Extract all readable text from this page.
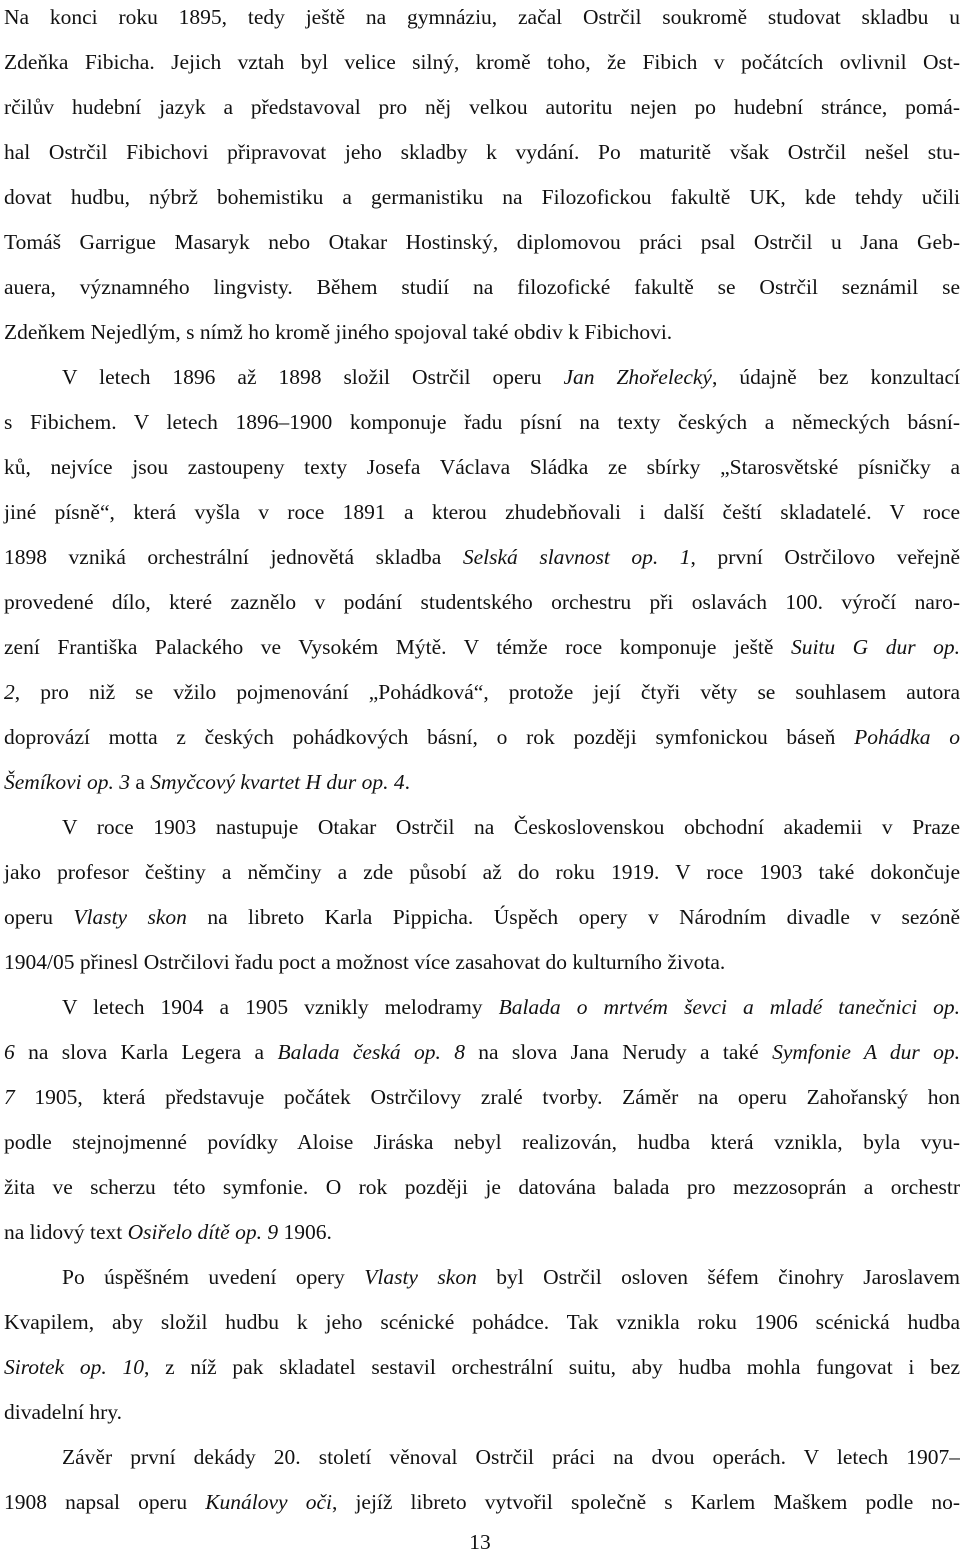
Na konci roku 1895, tedy ještě na gymnáziu, začal Ostrčil soukromě studovat skladbu u
Zdeňka Fibicha. Jejich vztah byl velice silný, kromě toho, že Fibich v počátcích ovlivnil Ost-
rčilův hudební jazyk a představoval pro něj velkou autoritu nejen po hudební stránce, pomá-
hal Ostrčil Fibichovi připravovat jeho skladby k vydání. Po maturitě však Ostrčil nešel stu-
dovat hudbu, nýbrž bohemistiku a germanistiku na Filozofickou fakultě UK, kde tehdy učili
Tomáš Garrigue Masaryk nebo Otakar Hostinský, diplomovou práci psal Ostrčil u Jana Geb-
auera, významného lingvisty. Během studií na filozofické fakultě se Ostrčil seznámil se
Zdeňkem Nejedlým, s nímž ho kromě jiného spojoval také obdiv k Fibichovi.
V letech 1896 až 1898 složil Ostrčil operu Jan Zhořelecký, údajně bez konzultací
s Fibichem. V letech 1896–1900 komponuje řadu písní na texty českých a německých básní-
ků, nejvíce jsou zastoupeny texty Josefa Václava Sládka ze sbírky „Starosvětské písničky a
jiné písně“, která vyšla v roce 1891 a kterou zhudebňovali i další čeští skladatelé. V roce
1898 vzniká orchestrální jednovětá skladba Selská slavnost op. 1, první Ostrčilovo veřejně
provedené dílo, které zaznělo v podání studentského orchestru při oslavách 100. výročí naro-
zení Františka Palackého ve Vysokém Mýtě. V témže roce komponuje ještě Suitu G dur op.
2, pro niž se vžilo pojmenování „Pohádková“, protože její čtyři věty se souhlasem autora
doprovází motta z českých pohádkových básní, o rok později symfonickou báseň Pohádka o
Šemíkovi op. 3 a Smyčcový kvartet H dur op. 4.
V roce 1903 nastupuje Otakar Ostrčil na Československou obchodní akademii v Praze
jako profesor češtiny a němčiny a zde působí až do roku 1919. V roce 1903 také dokončuje
operu Vlasty skon na libreto Karla Pippicha. Úspěch opery v Národním divadle v sezóně
1904/05 přinesl Ostrčilovi řadu poct a možnost více zasahovat do kulturního života.
V letech 1904 a 1905 vznikly melodramy Balada o mrtvém ševci a mladé tanečnici op.
6 na slova Karla Legera a Balada česká op. 8 na slova Jana Nerudy a také Symfonie A dur op.
7 1905, která představuje počátek Ostrčilovy zralé tvorby. Záměr na operu Zahořanský hon
podle stejnojmenné povídky Aloise Jiráska nebyl realizován, hudba která vznikla, byla vyu-
žita ve scherzu této symfonie. O rok později je datována balada pro mezzosoprán a orchestr
na lidový text Osiřelo dítě op. 9 1906.
Po úspěšném uvedení opery Vlasty skon byl Ostrčil osloven šéfem činohry Jaroslavem
Kvapilem, aby složil hudbu k jeho scénické pohádce. Tak vznikla roku 1906 scénická hudba
Sirotek op. 10, z níž pak skladatel sestavil orchestrální suitu, aby hudba mohla fungovat i bez
divadelní hry.
Závěr první dekády 20. století věnoval Ostrčil práci na dvou operách. V letech 1907–
1908 napsal operu Kunálovy oči, jejíž libreto vytvořil společně s Karlem Maškem podle no-
13
